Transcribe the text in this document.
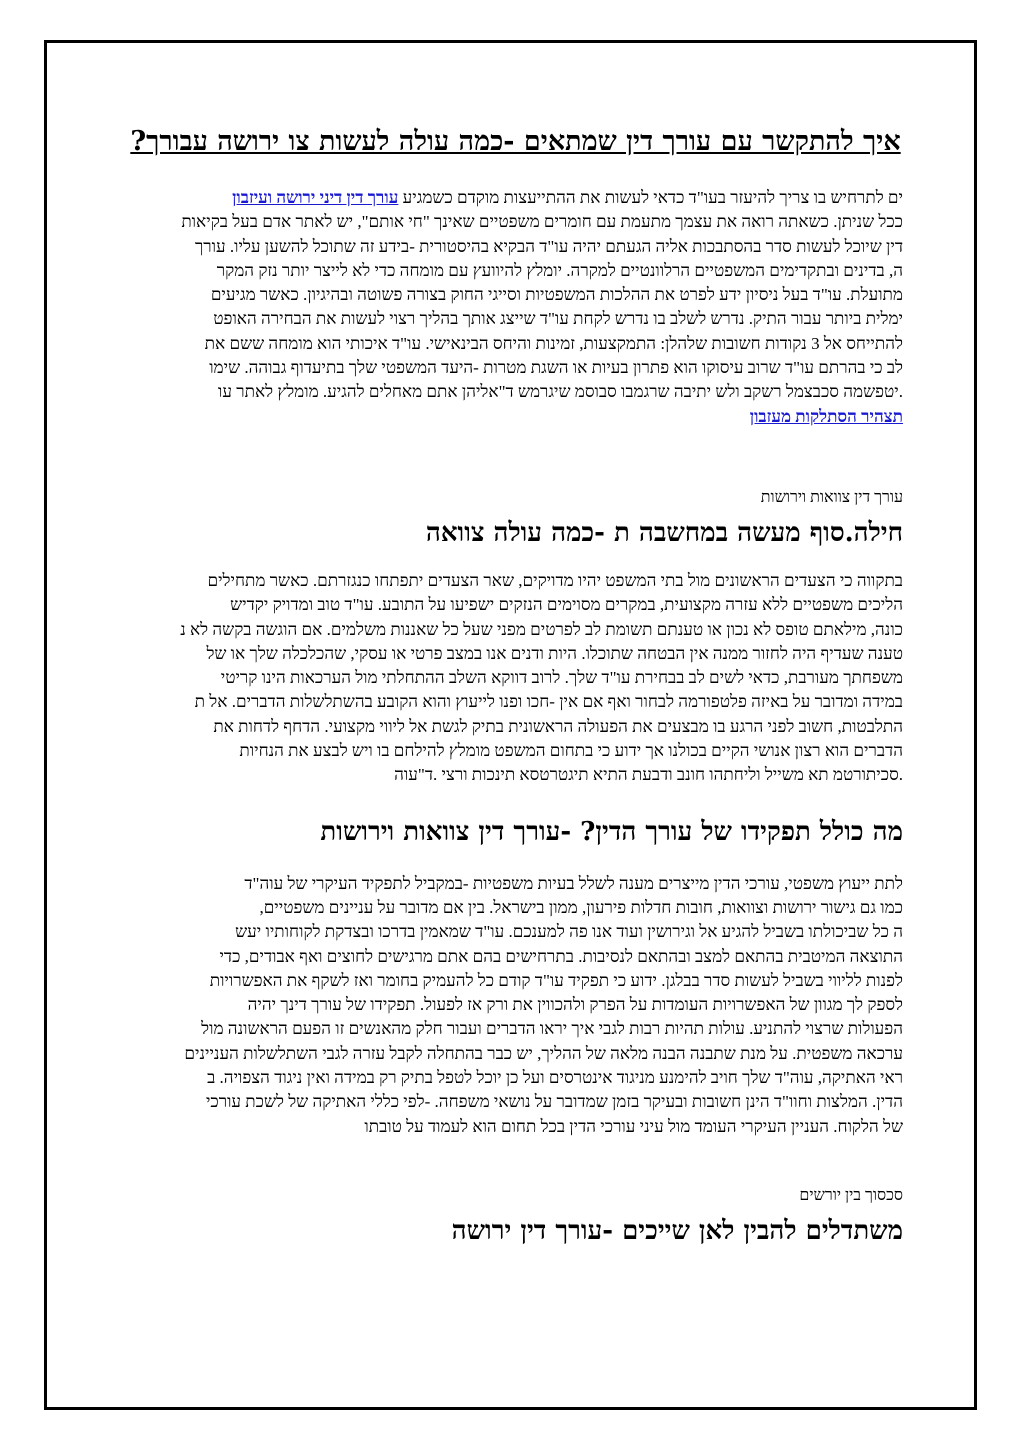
איך להתקשר עם עורך דין שמתאים -כמה עולה לעשות צו ירושה עבורך?
ים לתרחיש בו צריך להיעזר בעו"ד כדאי לעשות את ההתייעצות מוקדם כשמגיע עורך דין דיני ירושה ועיזבון
ככל שניתן. כשאתה רואה את עצמך מתעמת עם חומרים משפטיים שאינך "חי אותם", יש לאתר אדם בעל בקיאות
דין שיוכל לעשות סדר בהסתבכות אליה הגעתם יהיה עו"ד הבקיא בהיסטורית -בידע זה שתוכל להשען עליו. עורך
ה, בדינים ובתקדימים המשפטיים הרלוונטיים למקרה. יומלץ להיוועץ עם מומחה כדי לא לייצר יותר נזק המקר
מתועלת. עו"ד בעל ניסיון ידע לפרט את ההלכות המשפטיות וסייגי החוק בצורה פשוטה ובהיגיון. כאשר מגיעים
ימלית ביותר עבור התיק. נדרש לשלב בו נדרש לקחת עו"ד שייצג אותך בהליך רצוי לעשות את הבחירה האופט
להתייחס אל 3 נקודות חשובות שלהלן: התמקצעות, זמינות והיחס הבינאישי. עו"ד איכותי הוא מומחה ששם את
לב כי בהרתם עו"ד שרוב עיסוקו הוא פתרון בעיות או השגת מטרות -היעד המשפטי שלך בתיעדוף גבוהה. שימו
.יטפשמה סכבצמל רשקב ולש יתיבה שרגמבו סבוסמ שיגרמש ד"אליהן אתם מאחלים להגיע. מומלץ לאתר עו
תצהיר הסתלקות מעזבון

עורך דין צוואות וירושות

חילה.סוף מעשה במחשבה ת -כמה עולה צוואה
בתקווה כי הצעדים הראשונים מול בתי המשפט יהיו מדויקים, שאר הצעדים יתפתחו כנגזרתם. כאשר מתחילים
הליכים משפטיים ללא עזרה מקצועית, במקרים מסוימים הנזקים ישפיעו על התובע. עו"ד טוב ומדויק יקדיש
כונה, מילאתם טופס לא נכון או טענתם תשומת לב לפרטים מפני שעל כל שאננות משלמים. אם הוגשה בקשה לא נ
טענה שעדיף היה לחזור ממנה אין הבטחה שתוכלו. היות ודנים אנו במצב פרטי או עסקי, שהכלכלה שלך או של
משפחתך מעורבת, כדאי לשים לב בבחירת עו"ד שלך. לרוב דווקא השלב ההתחלתי מול הערכאות הינו קריטי
במידה ומדובר על באיזה פלטפורמה לבחור ואף אם אין -חכו ופנו לייעוץ והוא הקובע בהשתלשלות הדברים. אל ת
התלבטות, חשוב לפני הרגע בו מבצעים את הפעולה הראשונית בתיק לגשת אל ליווי מקצועי. הדחף לדחות את
הדברים הוא רצון אנושי הקיים בכולנו אך ידוע כי בתחום המשפט מומלץ להילחם בו ויש לבצע את הנחיות
.סכיתורטמ תא משייל וליחתהו חונב ודבעת התיא תיגטרטסא תינכות ורצי .ד"עוה
מה כולל תפקידו של עורך הדין? -עורך דין צוואות וירושות
לתת ייעוץ משפטי, עורכי הדין מייצרים מענה לשלל בעיות משפטיות -במקביל לתפקיד העיקרי של עוה"ד
כמו גם גישור ירושות וצוואות, חובות חדלות פירעון, ממון בישראל. בין אם מדובר על עניינים משפטיים,
ה כל שביכולתו בשביל להגיע אל וגירושין ועוד אנו פה למענכם. עו"ד שמאמין בדרכו ובצדקת לקוחותיו יעש
התוצאה המיטבית בהתאם למצב ובהתאם לנסיבות. בתרחישים בהם אתם מרגישים לחוצים ואף אבודים, כדי
לפנות לליווי בשביל לעשות סדר בבלגן. ידוע כי תפקיד עו"ד קודם כל להעמיק בחומר ואז לשקף את האפשרויות
לספק לך מגוון של האפשרויות העומדות על הפרק ולהכווין את ורק אז לפעול. תפקידו של עורך דינך יהיה
הפעולות שרצוי להתניע. עולות תהיות רבות לגבי איך יראו הדברים ועבור חלק מהאנשים זו הפעם הראשונה מול
ערכאה משפטית. על מנת שתבנה הבנה מלאה של ההליך, יש כבר בהתחלה לקבל עזרה לגבי השתלשלות העניינים
ראי האתיקה, עוה"ד שלך חויב להימנע מניגוד אינטרסים ועל כן יוכל לטפל בתיק רק במידה ואין ניגוד הצפויה. ב
הדין. המלצות וחוו"ד הינן חשובות ובעיקר בזמן שמדובר על נושאי משפחה. -לפי כללי האתיקה של לשכת עורכי
של הלקוח. העניין העיקרי העומד מול עיני עורכי הדין בכל תחום הוא לעמוד על טובתו

סכסוך בין יורשים

משתדלים להבין לאן שייכים -עורך דין ירושה
